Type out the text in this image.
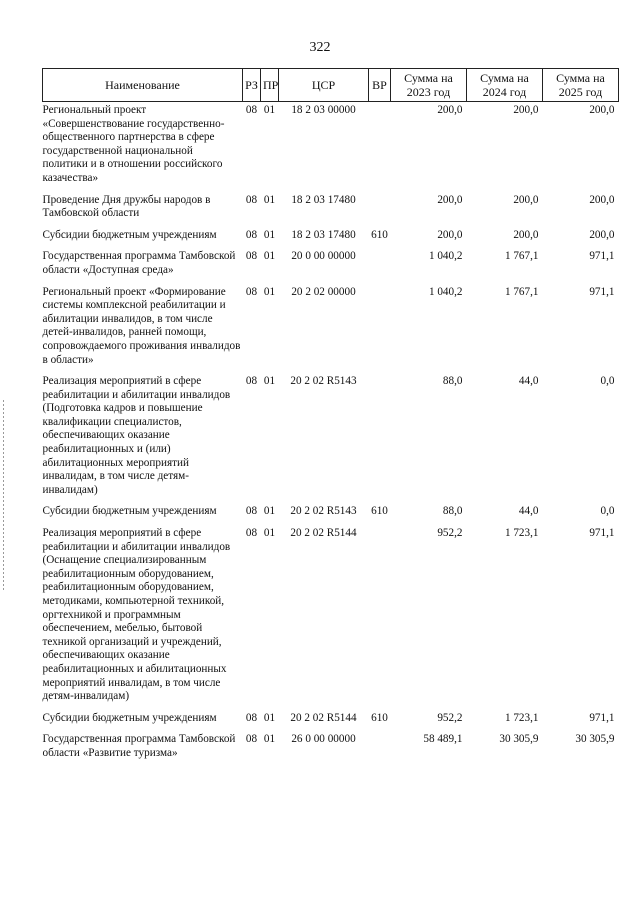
322
Наименование	РЗ	ПР	ЦСР	ВР	Сумма на 2023 год	Сумма на 2024 год	Сумма на 2025 год
Региональный проект «Совершенствование государственно-общественного партнерства в сфере государственной национальной политики и в отношении российского казачества»	08	01	18 2 03 00000		200,0	200,0	200,0
Проведение Дня дружбы народов в Тамбовской области	08	01	18 2 03 17480		200,0	200,0	200,0
Субсидии бюджетным учреждениям	08	01	18 2 03 17480	610	200,0	200,0	200,0
Государственная программа Тамбовской области «Доступная среда»	08	01	20 0 00 00000		1 040,2	1 767,1	971,1
Региональный проект «Формирование системы комплексной реабилитации и абилитации инвалидов, в том числе детей-инвалидов, ранней помощи, сопровождаемого проживания инвалидов в области»	08	01	20 2 02 00000		1 040,2	1 767,1	971,1
Реализация мероприятий в сфере реабилитации и абилитации инвалидов (Подготовка кадров и повышение квалификации специалистов, обеспечивающих оказание реабилитационных и (или) абилитационных мероприятий инвалидам, в том числе детям-инвалидам)	08	01	20 2 02 R5143		88,0	44,0	0,0
Субсидии бюджетным учреждениям	08	01	20 2 02 R5143	610	88,0	44,0	0,0
Реализация мероприятий в сфере реабилитации и абилитации инвалидов (Оснащение специализированным реабилитационным оборудованием, реабилитационным оборудованием, методиками, компьютерной техникой, оргтехникой и программным обеспечением, мебелью, бытовой техникой организаций и учреждений, обеспечивающих оказание реабилитационных и абилитационных мероприятий инвалидам, в том числе детям-инвалидам)	08	01	20 2 02 R5144		952,2	1 723,1	971,1
Субсидии бюджетным учреждениям	08	01	20 2 02 R5144	610	952,2	1 723,1	971,1
Государственная программа Тамбовской области «Развитие туризма»	08	01	26 0 00 00000		58 489,1	30 305,9	30 305,9
